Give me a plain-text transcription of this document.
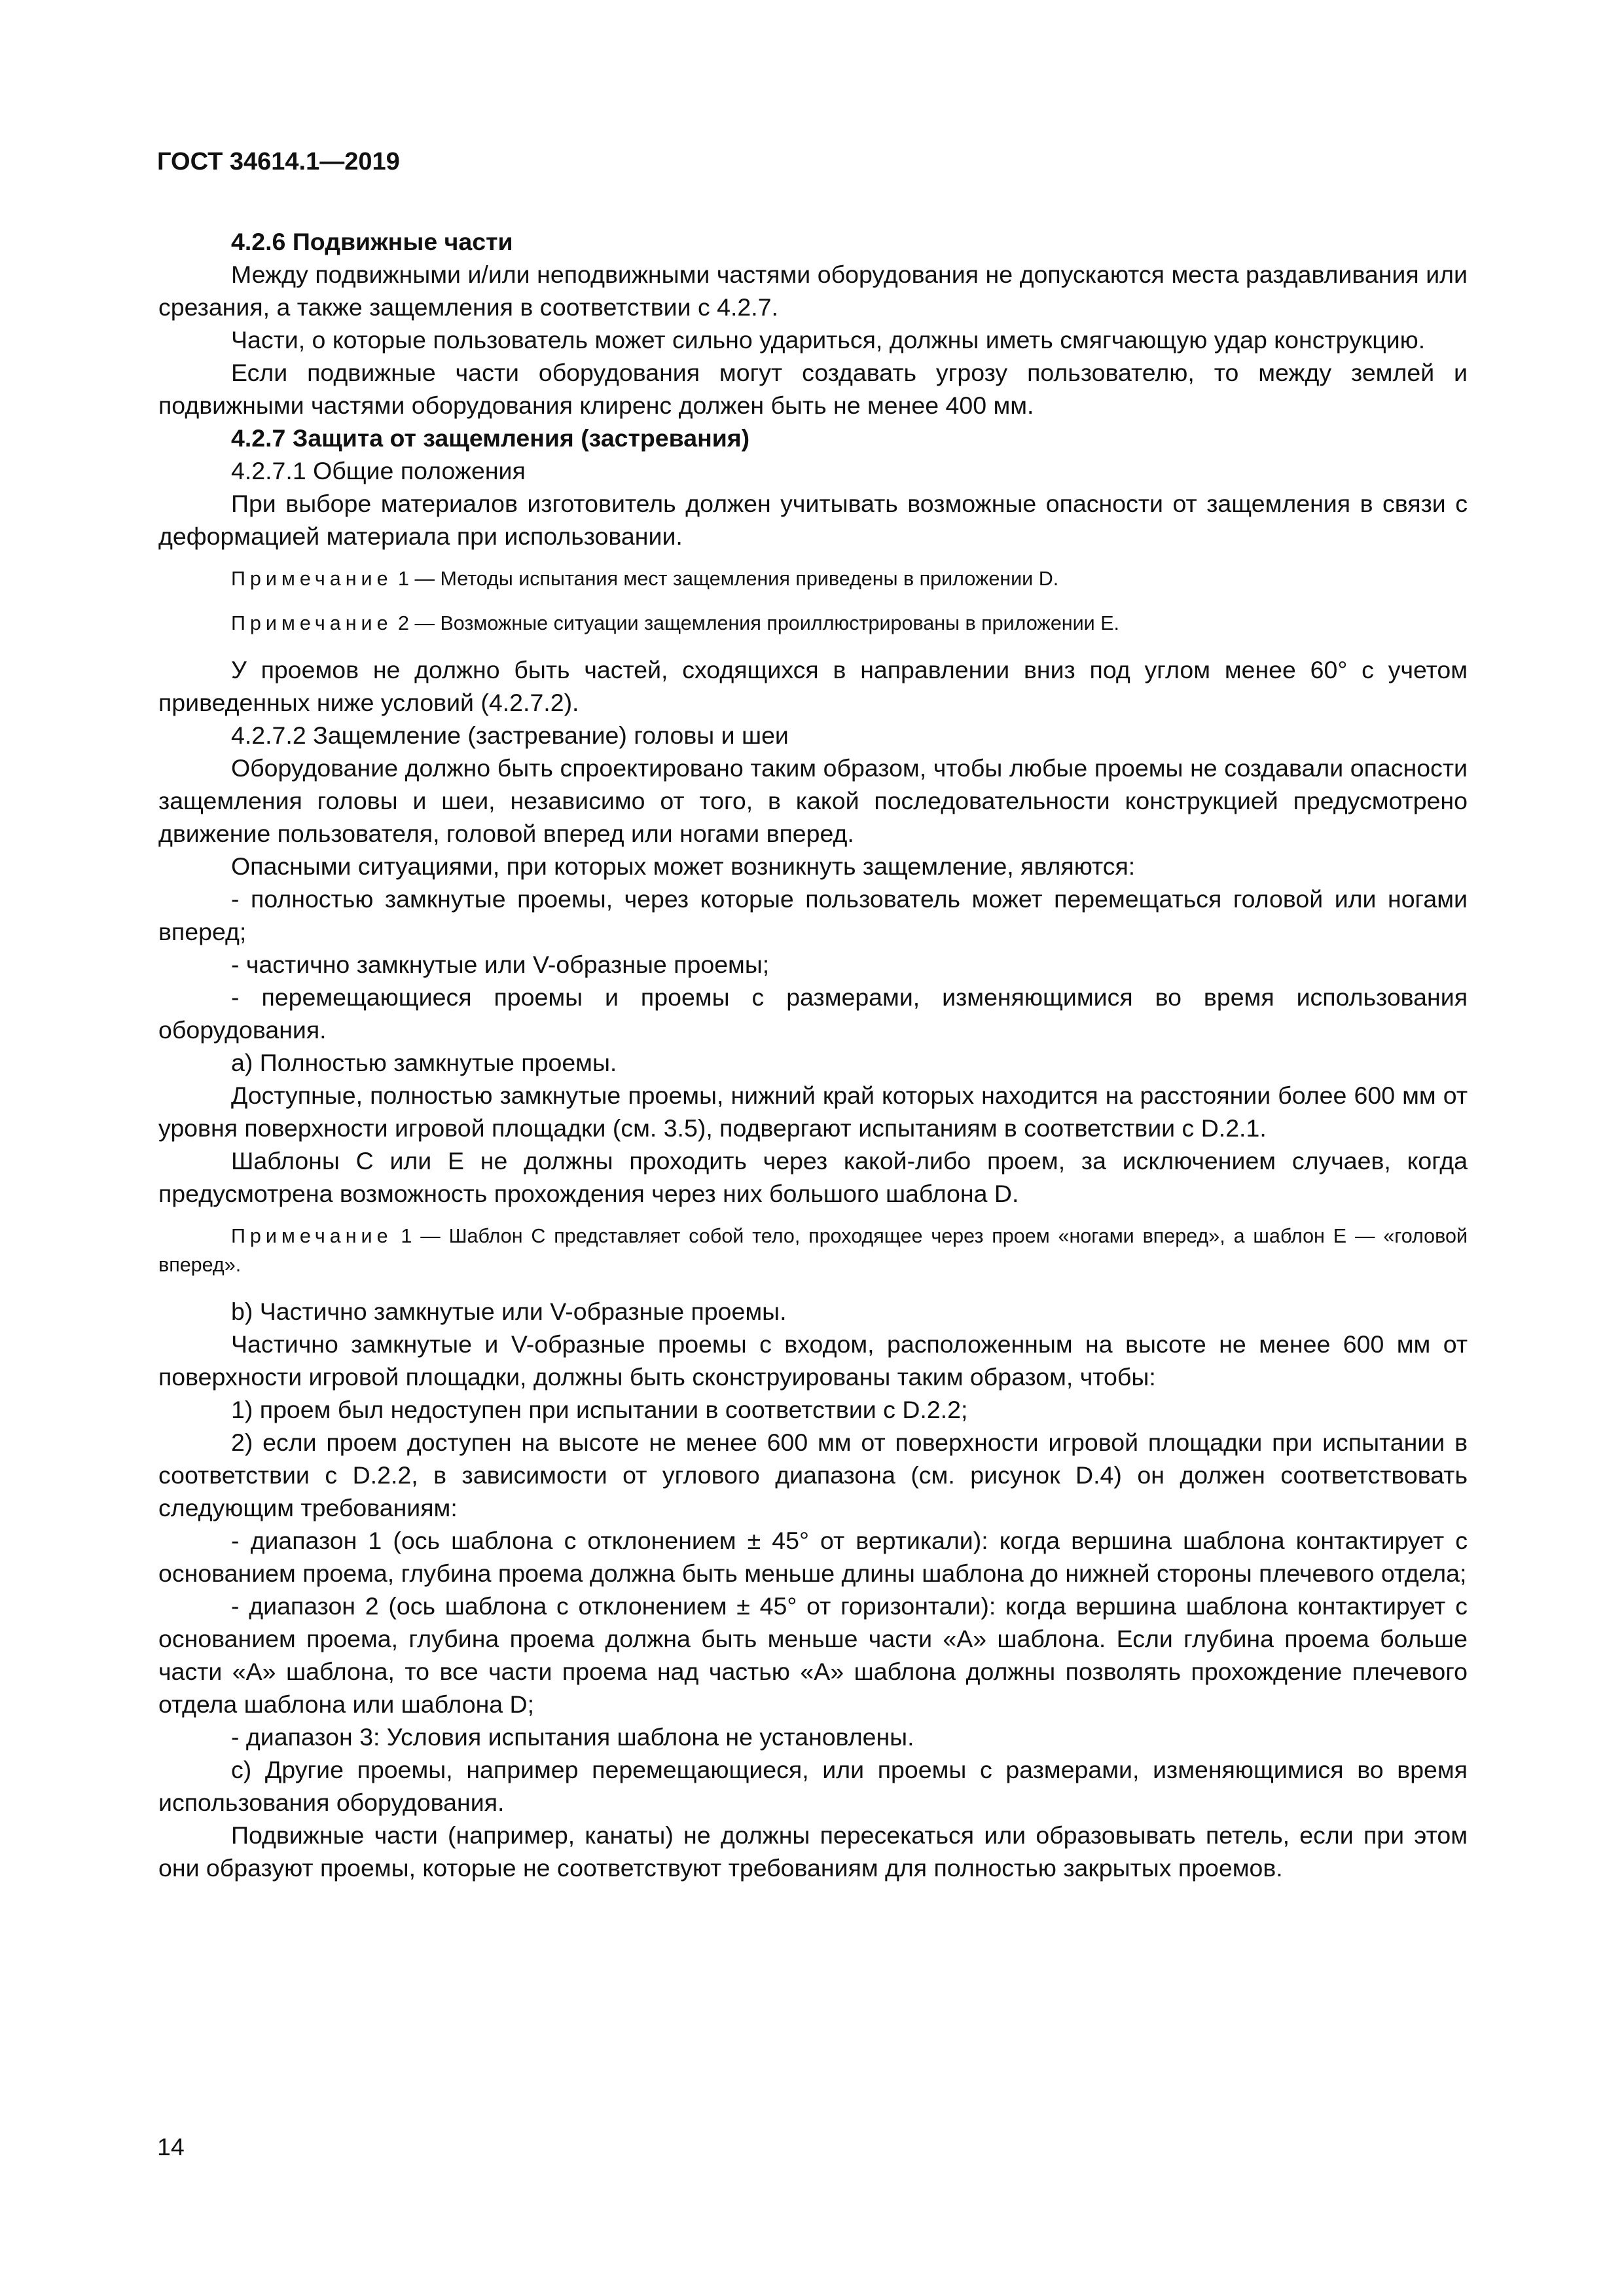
ГОСТ 34614.1—2019

4.2.6 Подвижные части

Между подвижными и/или неподвижными частями оборудования не допускаются места раздавливания или срезания, а также защемления в соответствии с 4.2.7.

Части, о которые пользователь может сильно удариться, должны иметь смягчающую удар конструкцию.

Если подвижные части оборудования могут создавать угрозу пользователю, то между землей и подвижными частями оборудования клиренс должен быть не менее 400 мм.

4.2.7 Защита от защемления (застревания)

4.2.7.1 Общие положения

При выборе материалов изготовитель должен учитывать возможные опасности от защемления в связи с деформацией материала при использовании.

Примечание 1 — Методы испытания мест защемления приведены в приложении D.

Примечание 2 — Возможные ситуации защемления проиллюстрированы в приложении E.

У проемов не должно быть частей, сходящихся в направлении вниз под углом менее 60° с учетом приведенных ниже условий (4.2.7.2).

4.2.7.2 Защемление (застревание) головы и шеи

Оборудование должно быть спроектировано таким образом, чтобы любые проемы не создавали опасности защемления головы и шеи, независимо от того, в какой последовательности конструкцией предусмотрено движение пользователя, головой вперед или ногами вперед.

Опасными ситуациями, при которых может возникнуть защемление, являются:

- полностью замкнутые проемы, через которые пользователь может перемещаться головой или ногами вперед;

- частично замкнутые или V-образные проемы;

- перемещающиеся проемы и проемы с размерами, изменяющимися во время использования оборудования.

a) Полностью замкнутые проемы.

Доступные, полностью замкнутые проемы, нижний край которых находится на расстоянии более 600 мм от уровня поверхности игровой площадки (см. 3.5), подвергают испытаниям в соответствии с D.2.1.

Шаблоны С или Е не должны проходить через какой-либо проем, за исключением случаев, когда предусмотрена возможность прохождения через них большого шаблона D.

Примечание 1 — Шаблон С представляет собой тело, проходящее через проем «ногами вперед», а шаблон Е — «головой вперед».

b) Частично замкнутые или V-образные проемы.

Частично замкнутые и V-образные проемы с входом, расположенным на высоте не менее 600 мм от поверхности игровой площадки, должны быть сконструированы таким образом, чтобы:

1) проем был недоступен при испытании в соответствии с D.2.2;

2) если проем доступен на высоте не менее 600 мм от поверхности игровой площадки при испытании в соответствии с D.2.2, в зависимости от углового диапазона (см. рисунок D.4) он должен соответствовать следующим требованиям:

- диапазон 1 (ось шаблона с отклонением ± 45° от вертикали): когда вершина шаблона контактирует с основанием проема, глубина проема должна быть меньше длины шаблона до нижней стороны плечевого отдела;

- диапазон 2 (ось шаблона с отклонением ± 45° от горизонтали): когда вершина шаблона контактирует с основанием проема, глубина проема должна быть меньше части «А» шаблона. Если глубина проема больше части «А» шаблона, то все части проема над частью «А» шаблона должны позволять прохождение плечевого отдела шаблона или шаблона D;

- диапазон 3: Условия испытания шаблона не установлены.

c) Другие проемы, например перемещающиеся, или проемы с размерами, изменяющимися во время использования оборудования.

Подвижные части (например, канаты) не должны пересекаться или образовывать петель, если при этом они образуют проемы, которые не соответствуют требованиям для полностью закрытых проемов.

14
